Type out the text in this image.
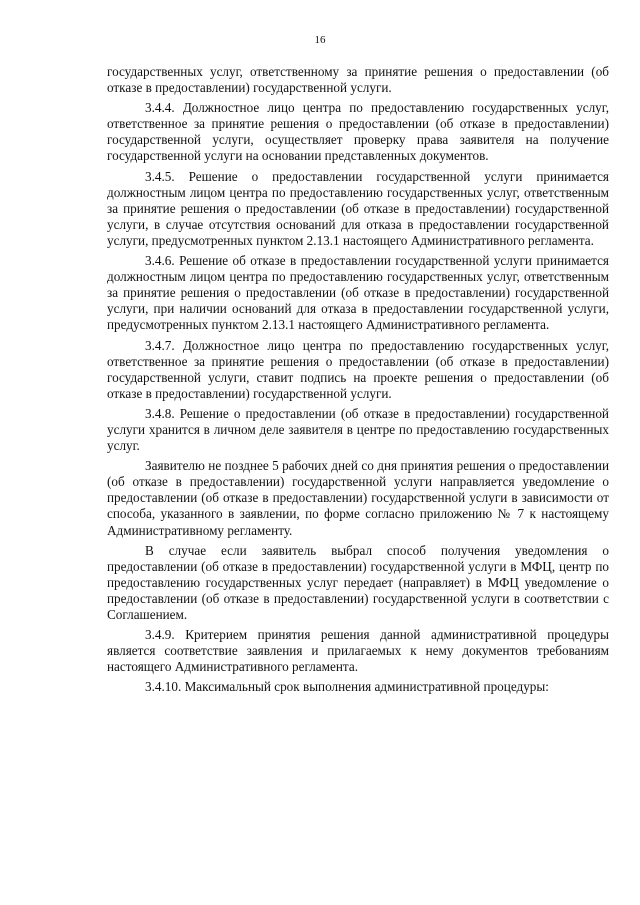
16

государственных услуг, ответственному за принятие решения о предоставлении (об отказе в предоставлении) государственной услуги.

3.4.4. Должностное лицо центра по предоставлению государственных услуг, ответственное за принятие решения о предоставлении (об отказе в предоставлении) государственной услуги, осуществляет проверку права заявителя на получение государственной услуги на основании представленных документов.

3.4.5. Решение о предоставлении государственной услуги принимается должностным лицом центра по предоставлению государственных услуг, ответственным за принятие решения о предоставлении (об отказе в предоставлении) государственной услуги, в случае отсутствия оснований для отказа в предоставлении государственной услуги, предусмотренных пунктом 2.13.1 настоящего Административного регламента.

3.4.6. Решение об отказе в предоставлении государственной услуги принимается должностным лицом центра по предоставлению государственных услуг, ответственным за принятие решения о предоставлении (об отказе в предоставлении) государственной услуги, при наличии оснований для отказа в предоставлении государственной услуги, предусмотренных пунктом 2.13.1 настоящего Административного регламента.

3.4.7. Должностное лицо центра по предоставлению государственных услуг, ответственное за принятие решения о предоставлении (об отказе в предоставлении) государственной услуги, ставит подпись на проекте решения о предоставлении (об отказе в предоставлении) государственной услуги.

3.4.8. Решение о предоставлении (об отказе в предоставлении) государственной услуги хранится в личном деле заявителя в центре по предоставлению государственных услуг.

Заявителю не позднее 5 рабочих дней со дня принятия решения о предоставлении (об отказе в предоставлении) государственной услуги направляется уведомление о предоставлении (об отказе в предоставлении) государственной услуги в зависимости от способа, указанного в заявлении, по форме согласно приложению № 7 к настоящему Административному регламенту.

В случае если заявитель выбрал способ получения уведомления о предоставлении (об отказе в предоставлении) государственной услуги в МФЦ, центр по предоставлению государственных услуг передает (направляет) в МФЦ уведомление о предоставлении (об отказе в предоставлении) государственной услуги в соответствии с Соглашением.

3.4.9. Критерием принятия решения данной административной процедуры является соответствие заявления и прилагаемых к нему документов требованиям настоящего Административного регламента.

3.4.10. Максимальный срок выполнения административной процедуры:
